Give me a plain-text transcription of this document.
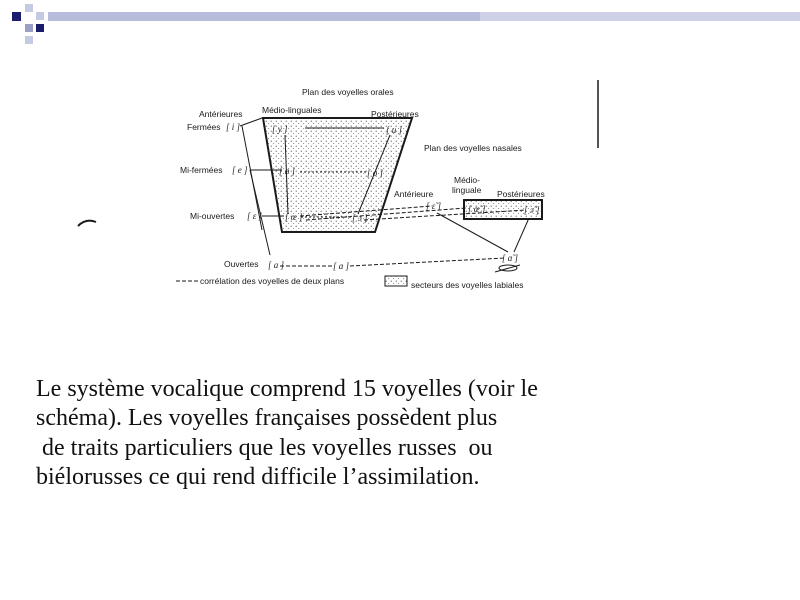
Plan des voyelles orales
Plan des voyelles nasales
Antérieures Médio-linguales	Postérieures
Fermées
Mi-fermées
Mi-ouvertes
Ouvertes
Antérieure
Médio-
linguale Postérieures
[ i ]	[ y ]	[ u ]
[ e ]	[ ø ]	[ o ]
[ ɛ ]	[ œ ]	[ ɔ ]
[ a ]	[ ɑ ]
[ ɛ̃ ]	[ œ̃ ]	[ ɔ̃ ]
[ ɑ̃ ]
corrélation des voyelles de deux plans	secteurs des voyelles labiales

Le système vocalique comprend 15 voyelles (voir le
schéma). Les voyelles françaises possèdent plus
de traits particuliers que les voyelles russes  ou
biélorusses ce qui rend difficile l’assimilation.
